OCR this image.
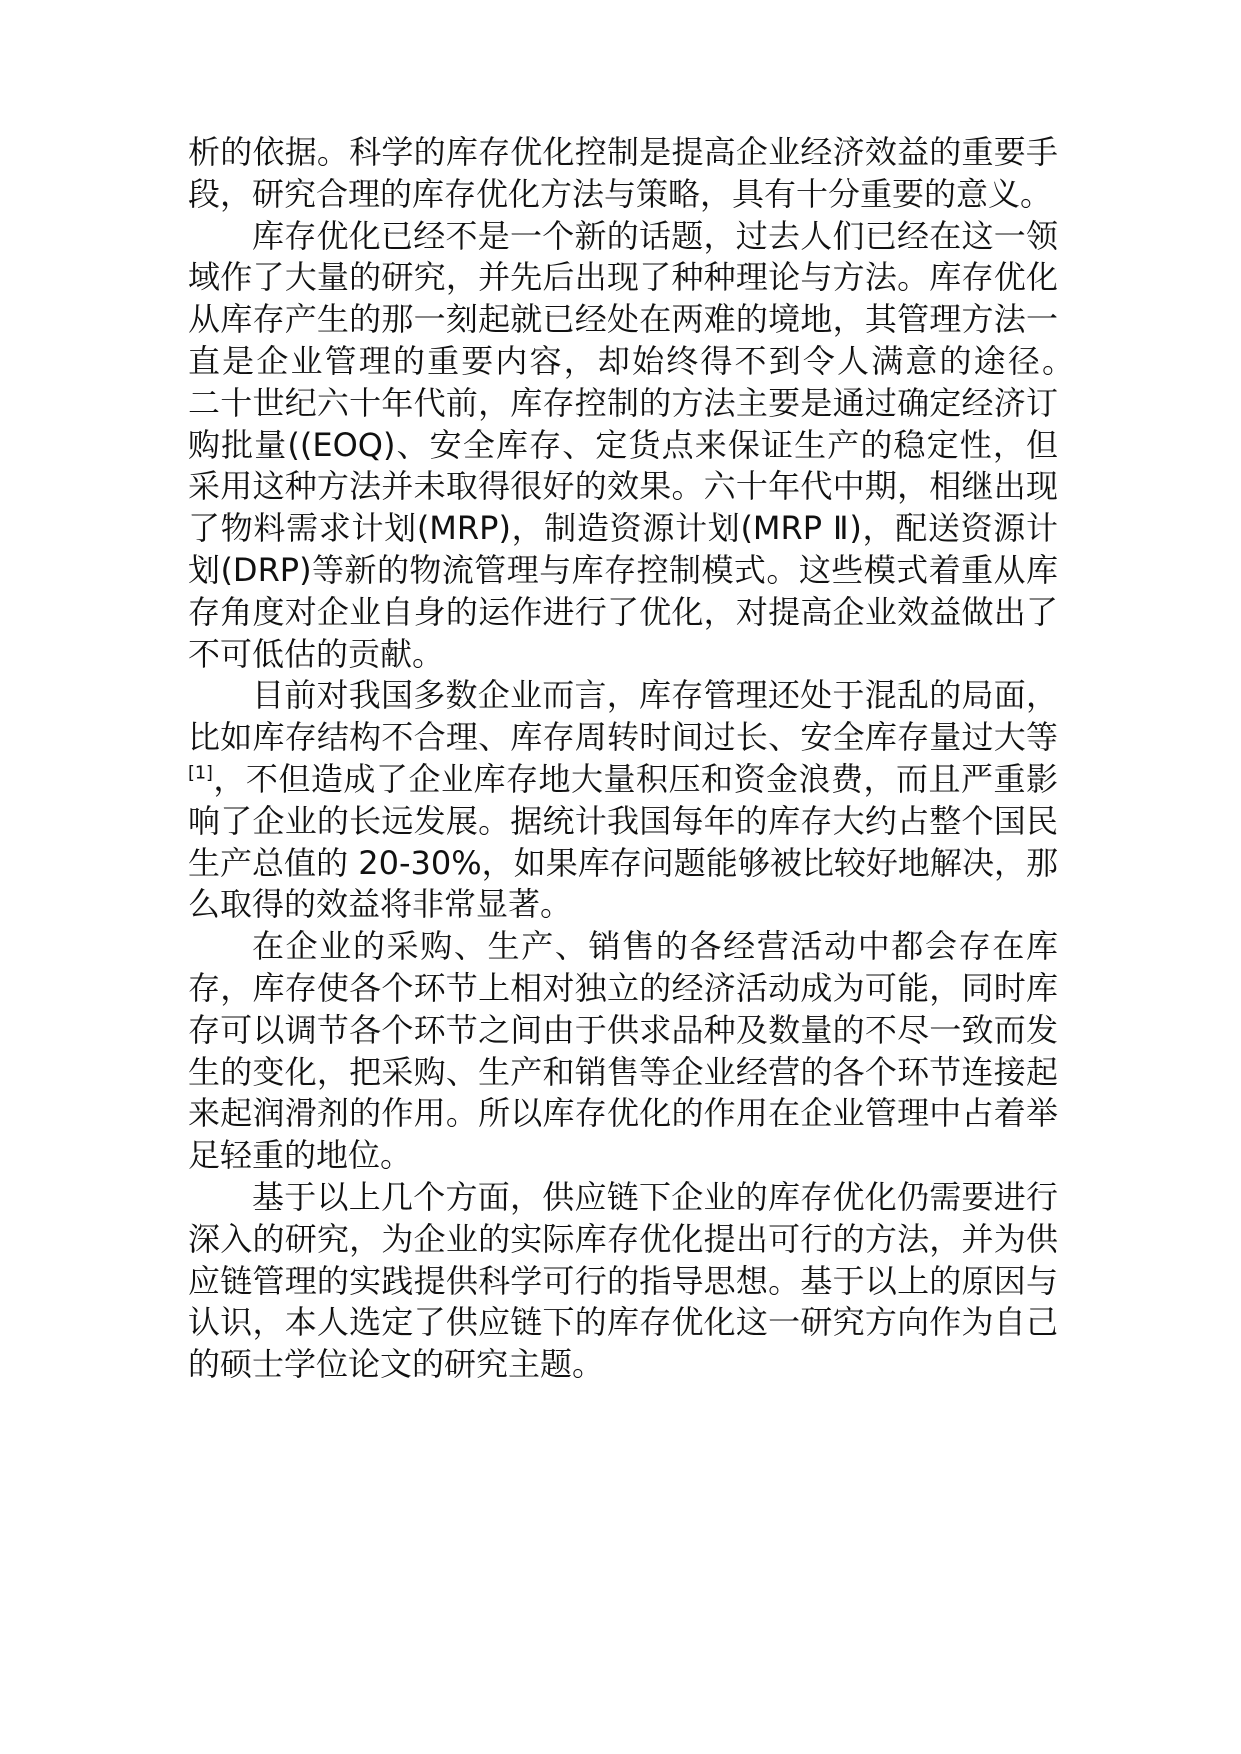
析的依据。科学的库存优化控制是提高企业经济效益的重要手段，研究合理的库存优化方法与策略，具有十分重要的意义。

库存优化已经不是一个新的话题，过去人们已经在这一领域作了大量的研究，并先后出现了种种理论与方法。库存优化从库存产生的那一刻起就已经处在两难的境地，其管理方法一直是企业管理的重要内容，却始终得不到令人满意的途径。　　二十世纪六十年代前，库存控制的方法主要是通过确定经济订购批量((EOQ)、安全库存、定货点来保证生产的稳定性，但采用这种方法并未取得很好的效果。六十年代中期，相继出现了物料需求计划(MRP)，制造资源计划(MRP Ⅱ)，配送资源计划(DRP)等新的物流管理与库存控制模式。这些模式着重从库存角度对企业自身的运作进行了优化，对提高企业效益做出了不可低估的贡献。

目前对我国多数企业而言，库存管理还处于混乱的局面，比如库存结构不合理、库存周转时间过长、安全库存量过大等[1]，不但造成了企业库存地大量积压和资金浪费，而且严重影响了企业的长远发展。据统计我国每年的库存大约占整个国民生产总值的 20-30%，如果库存问题能够被比较好地解决，那么取得的效益将非常显著。

在企业的采购、生产、销售的各经营活动中都会存在库存，库存使各个环节上相对独立的经济活动成为可能，同时库存可以调节各个环节之间由于供求品种及数量的不尽一致而发生的变化，把采购、生产和销售等企业经营的各个环节连接起来起润滑剂的作用。所以库存优化的作用在企业管理中占着举足轻重的地位。

基于以上几个方面，供应链下企业的库存优化仍需要进行深入的研究，为企业的实际库存优化提出可行的方法，并为供应链管理的实践提供科学可行的指导思想。基于以上的原因与认识，本人选定了供应链下的库存优化这一研究方向作为自己的硕士学位论文的研究主题。
